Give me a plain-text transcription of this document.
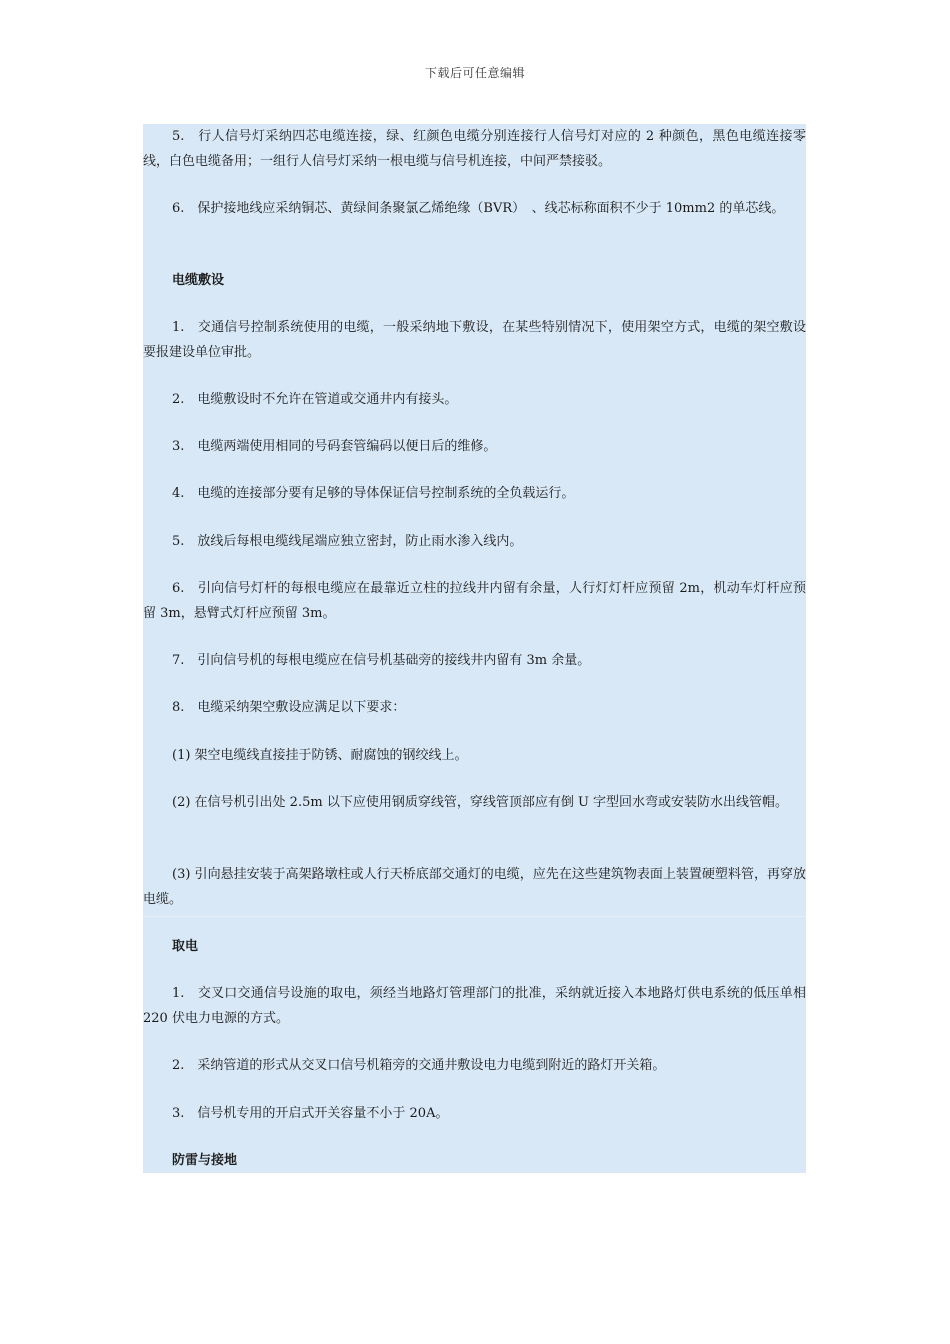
下载后可任意编辑

5.　行人信号灯采纳四芯电缆连接，绿、红颜色电缆分别连接行人信号灯对应的 2 种颜色，黑色电缆连接零线，白色电缆备用；一组行人信号灯采纳一根电缆与信号机连接，中间严禁接驳。

6.　保护接地线应采纳铜芯、黄绿间条聚氯乙烯绝缘（BVR）　、线芯标称面积不少于 10mm2 的单芯线。

电缆敷设

1.　交通信号控制系统使用的电缆，一般采纳地下敷设，在某些特别情况下，使用架空方式，电缆的架空敷设要报建设单位审批。

2.　电缆敷设时不允许在管道或交通井内有接头。

3.　电缆两端使用相同的号码套管编码以便日后的维修。

4.　电缆的连接部分要有足够的导体保证信号控制系统的全负载运行。

5.　放线后每根电缆线尾端应独立密封，防止雨水渗入线内。

6.　引向信号灯杆的每根电缆应在最靠近立柱的拉线井内留有余量，人行灯灯杆应预留 2m，机动车灯杆应预留 3m，悬臂式灯杆应预留 3m。

7.　引向信号机的每根电缆应在信号机基础旁的接线井内留有 3m 余量。

8.　电缆采纳架空敷设应满足以下要求：

(1) 架空电缆线直接挂于防锈、耐腐蚀的钢绞线上。

(2) 在信号机引出处 2.5m 以下应使用钢质穿线管，穿线管顶部应有倒 U 字型回水弯或安装防水出线管帽。

(3) 引向悬挂安装于高架路墩柱或人行天桥底部交通灯的电缆，应先在这些建筑物表面上装置硬塑料管，再穿放电缆。

取电

1.　交叉口交通信号设施的取电，须经当地路灯管理部门的批准，采纳就近接入本地路灯供电系统的低压单相 220 伏电力电源的方式。

2.　采纳管道的形式从交叉口信号机箱旁的交通井敷设电力电缆到附近的路灯开关箱。

3.　信号机专用的开启式开关容量不小于 20A。

防雷与接地
